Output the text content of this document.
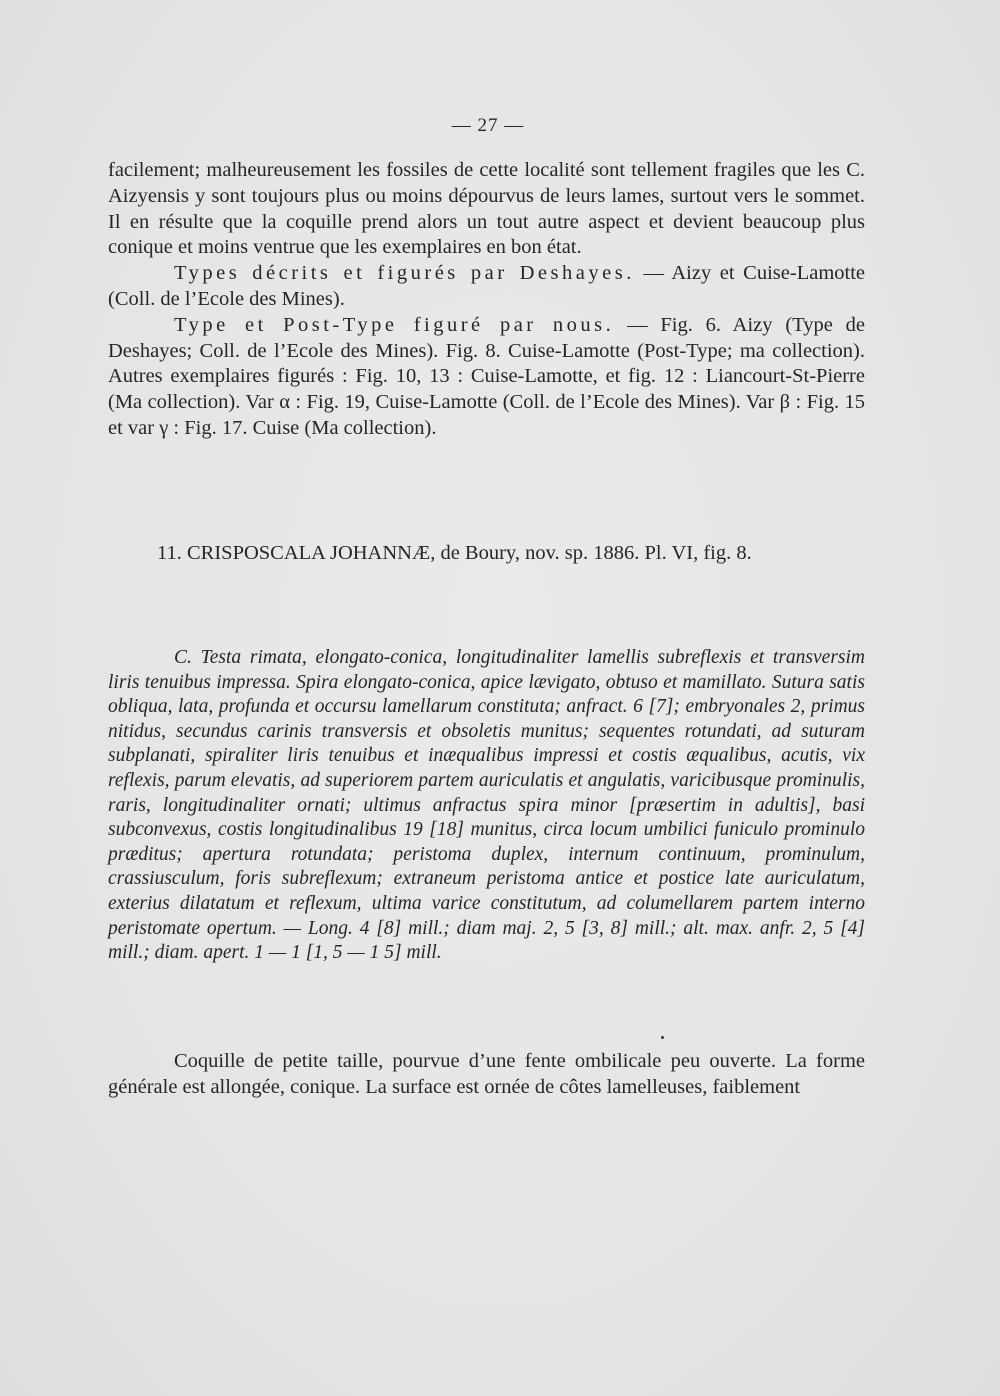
— 27 —

facilement; malheureusement les fossiles de cette localité sont tellement fragiles que les C. Aizyensis y sont toujours plus ou moins dépourvus de leurs lames, surtout vers le sommet. Il en résulte que la coquille prend alors un tout autre aspect et devient beaucoup plus conique et moins ventrue que les exemplaires en bon état.

Types décrits et figurés par Deshayes. — Aizy et Cuise-Lamotte (Coll. de l’Ecole des Mines).

Type et Post-Type figuré par nous. — Fig. 6. Aizy (Type de Deshayes; Coll. de l’Ecole des Mines). Fig. 8. Cuise-Lamotte (Post-Type; ma collection). Autres exemplaires figurés : Fig. 10, 13 : Cuise-Lamotte, et fig. 12 : Liancourt-St-Pierre (Ma collection). Var α : Fig. 19, Cuise-Lamotte (Coll. de l’Ecole des Mines). Var β : Fig. 15 et var γ : Fig. 17. Cuise (Ma collection).

11. CRISPOSCALA JOHANNÆ, de Boury, nov. sp. 1886. Pl. VI, fig. 8.

C. Testa rimata, elongato-conica, longitudinaliter lamellis subreflexis et transversim liris tenuibus impressa. Spira elongato-conica, apice lævigato, obtuso et mamillato. Sutura satis obliqua, lata, profunda et occursu lamellarum constituta; anfract. 6 [7]; embryonales 2, primus nitidus, secundus carinis transversis et obsoletis munitus; sequentes rotundati, ad suturam subplanati, spiraliter liris tenuibus et inæqualibus impressi et costis æqualibus, acutis, vix reflexis, parum elevatis, ad superiorem partem auriculatis et angulatis, varicibusque prominulis, raris, longitudinaliter ornati; ultimus anfractus spira minor [præsertim in adultis], basi subconvexus, costis longitudinalibus 19 [18] munitus, circa locum umbilici funiculo prominulo præditus; apertura rotundata; peristoma duplex, internum continuum, prominulum, crassiusculum, foris subreflexum; extraneum peristoma antice et postice late auriculatum, exterius dilatatum et reflexum, ultima varice constitutum, ad columellarem partem interno peristomate opertum. — Long. 4 [8] mill.; diam maj. 2, 5 [3, 8] mill.; alt. max. anfr. 2, 5 [4] mill.; diam. apert. 1 — 1 [1, 5 — 1 5] mill.

Coquille de petite taille, pourvue d’une fente ombilicale peu ouverte. La forme générale est allongée, conique. La surface est ornée de côtes lamelleuses, faiblement
